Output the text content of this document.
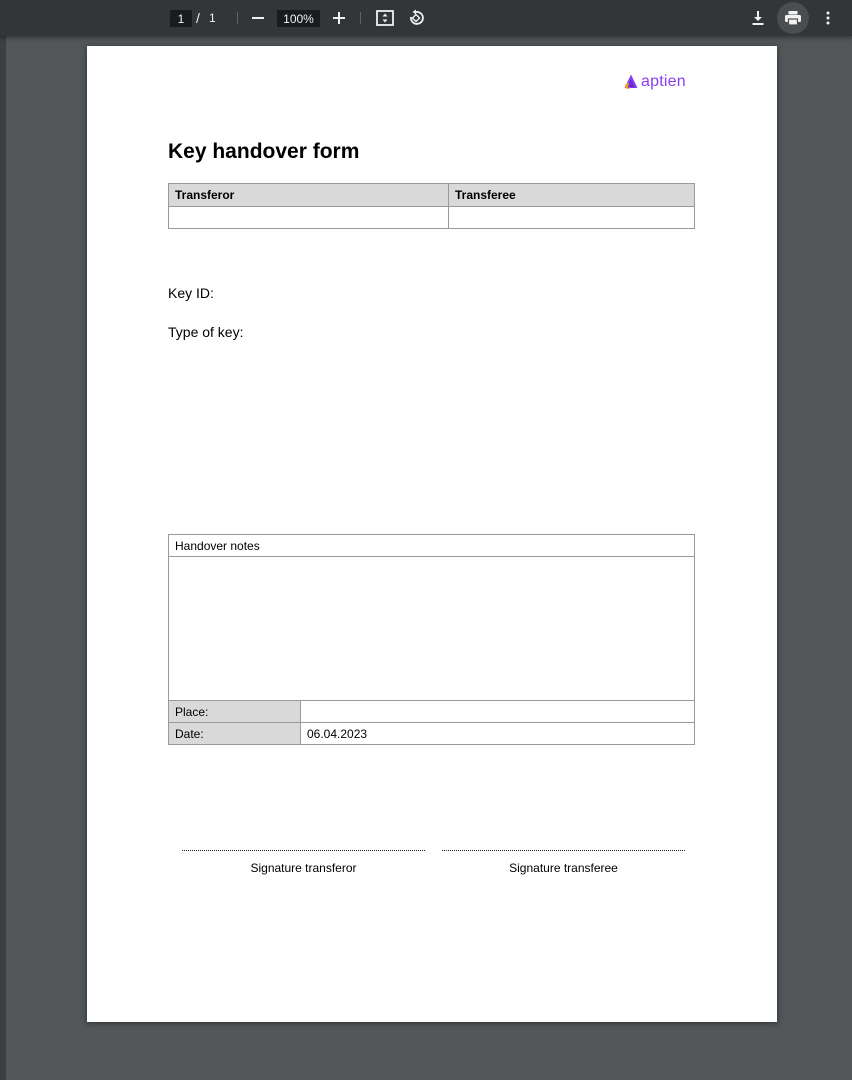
1 / 1	100%
aptien
Key handover form
Transferor	Transferee

Key ID:
Type of key:
Handover notes	

Place:	
Date:	06.04.2023
Signature transferor	Signature transferee
